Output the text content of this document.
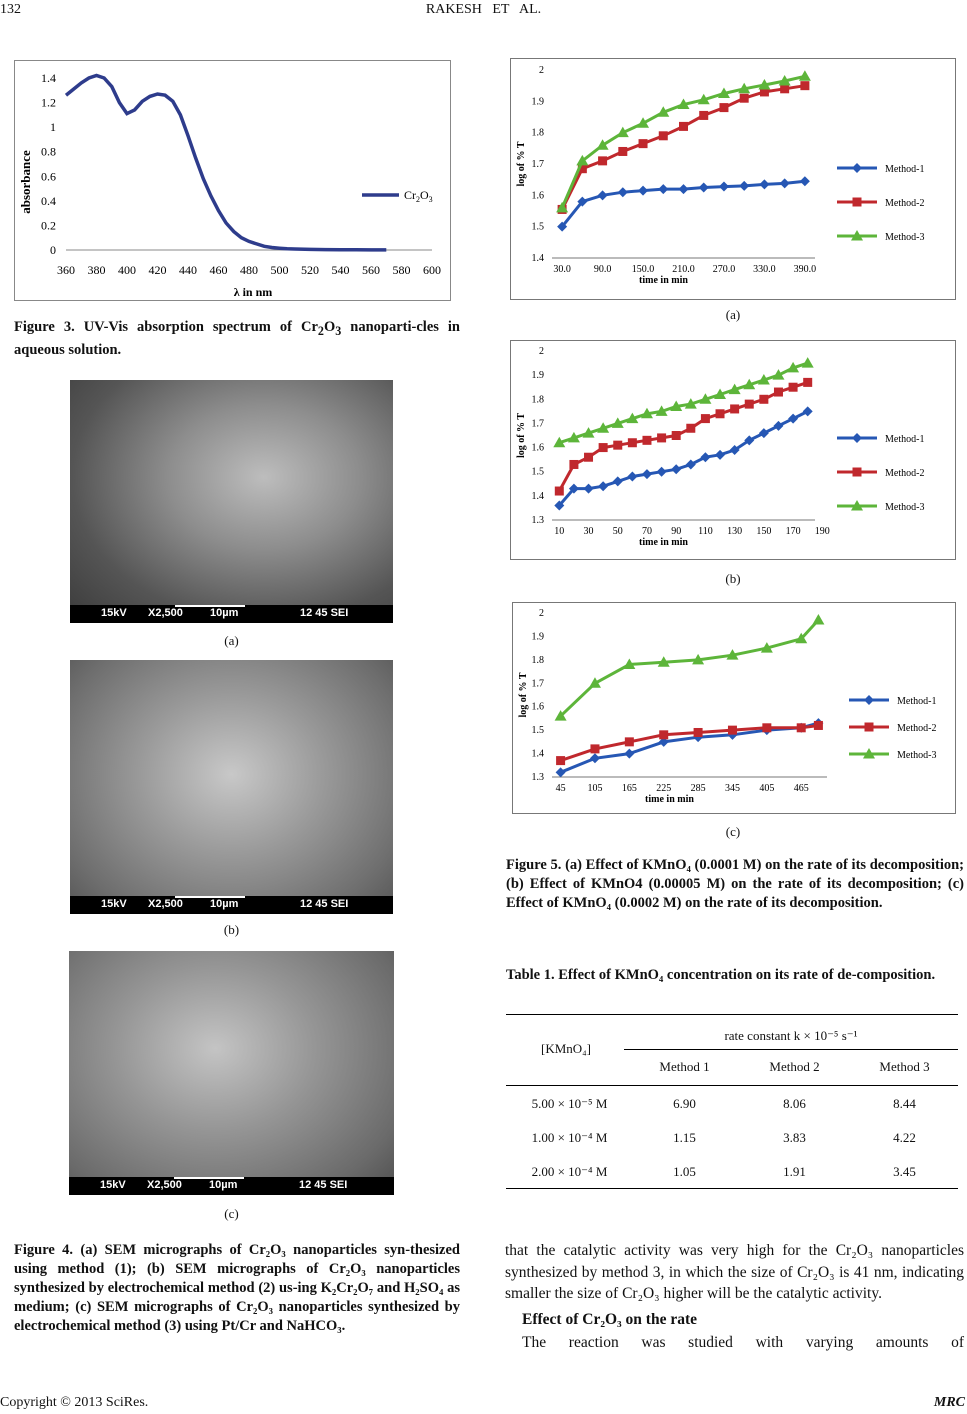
132	RAKESH   ET   AL.
0
0.2
0.4
0.6
0.8
1
1.2
1.4
360 380 400 420 440 460 480 500 520 540 560 580 600
$Cr_2O_3$
λ in nm
absorbance
Figure 3. UV-Vis absorption spectrum of $Cr_2O_3$ nanoparti-cles in aqueous solution.
15kV X2,500 10µm	12 45 SEI
(a)
15kV X2,500 10µm	12 45 SEI
(b)
15kV X2,500 10µm	12 45 SEI
(c)
Figure 4. (a) SEM micrographs of Cr₂O₃ nanoparticles syn-thesized using method (1); (b) SEM micrographs of Cr₂O₃ nanoparticles synthesized by electrochemical method (2) us-ing K₂Cr₂O₇ and H₂SO₄ as medium; (c) SEM micrographs of Cr₂O₃ nanoparticles synthesized by electrochemical method (3) using Pt/Cr and NaHCO₃.
1.4
1.5
1.6
1.7
1.8
1.9
2
30.0 90.0 150.0 210.0 270.0 330.0 390.0
time in min
log of % T	Method-1
Method-2
Method-3
(a)
1.3
1.4
1.5
1.6
1.7
1.8
1.9
2
10 30 50 70 90 110 130 150 170 190
time in min
log of % T	Method-1
Method-2
Method-3
(b)
1.3
1.4
1.5
1.6
1.7
1.8
1.9
2
45 105 165 225 285 345 405 465
time in min
log of % T	Method-1
Method-2
Method-3
(c)
Figure 5. (a) Effect of KMnO₄ (0.0001 M) on the rate of its decomposition; (b) Effect of KMnO4 (0.00005 M) on the rate of its decomposition; (c) Effect of KMnO₄ (0.0002 M) on the rate of its decomposition.
Table 1. Effect of KMnO₄ concentration on its rate of de-composition.
[KMnO₄]
rate constant k × 10⁻⁵ s⁻¹
Method 1	Method 2	Method 3
5.00 × 10⁻⁵ M	6.90	8.06	8.44
1.00 × 10⁻⁴ M	1.15	3.83	4.22
2.00 × 10⁻⁴ M	1.05	1.91	3.45
that the catalytic activity was very high for the Cr₂O₃ nanoparticles synthesized by method 3, in which the size of Cr₂O₃ is 41 nm, indicating smaller the size of Cr₂O₃ higher will be the catalytic activity.
Effect of Cr₂O₃ on the rate
The reaction was studied with varying amounts of
Copyright © 2013 SciRes.	MRC
